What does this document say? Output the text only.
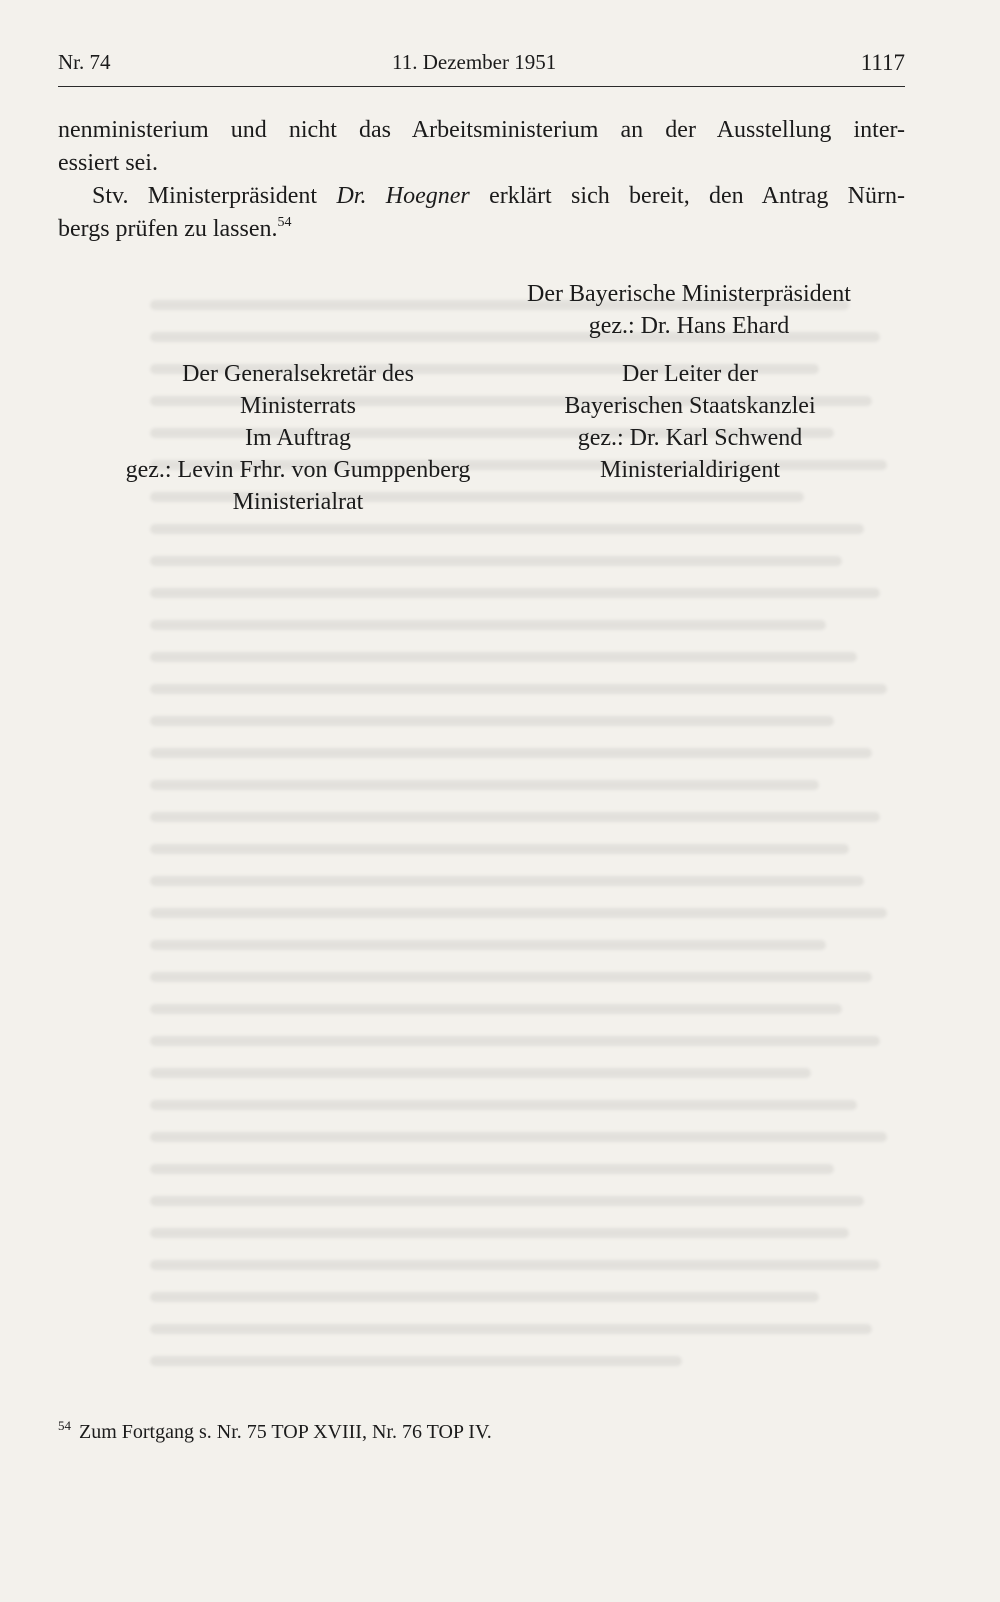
Nr. 74	11. Dezember 1951	1117

nenministerium und nicht das Arbeitsministerium an der Ausstellung inter-
essiert sei.

Stv. Ministerpräsident Dr. Hoegner erklärt sich bereit, den Antrag Nürn-
bergs prüfen zu lassen.$^{54}$

Der Bayerische Ministerpräsident
gez.: Dr. Hans Ehard
Der Generalsekretär des
Ministerrats
Im Auftrag
gez.: Levin Frhr. von Gumppenberg
Ministerialrat
Der Leiter der
Bayerischen Staatskanzlei
gez.: Dr. Karl Schwend
Ministerialdirigent
$^{54}$ Zum Fortgang s. Nr. 75 TOP XVIII, Nr. 76 TOP IV.
